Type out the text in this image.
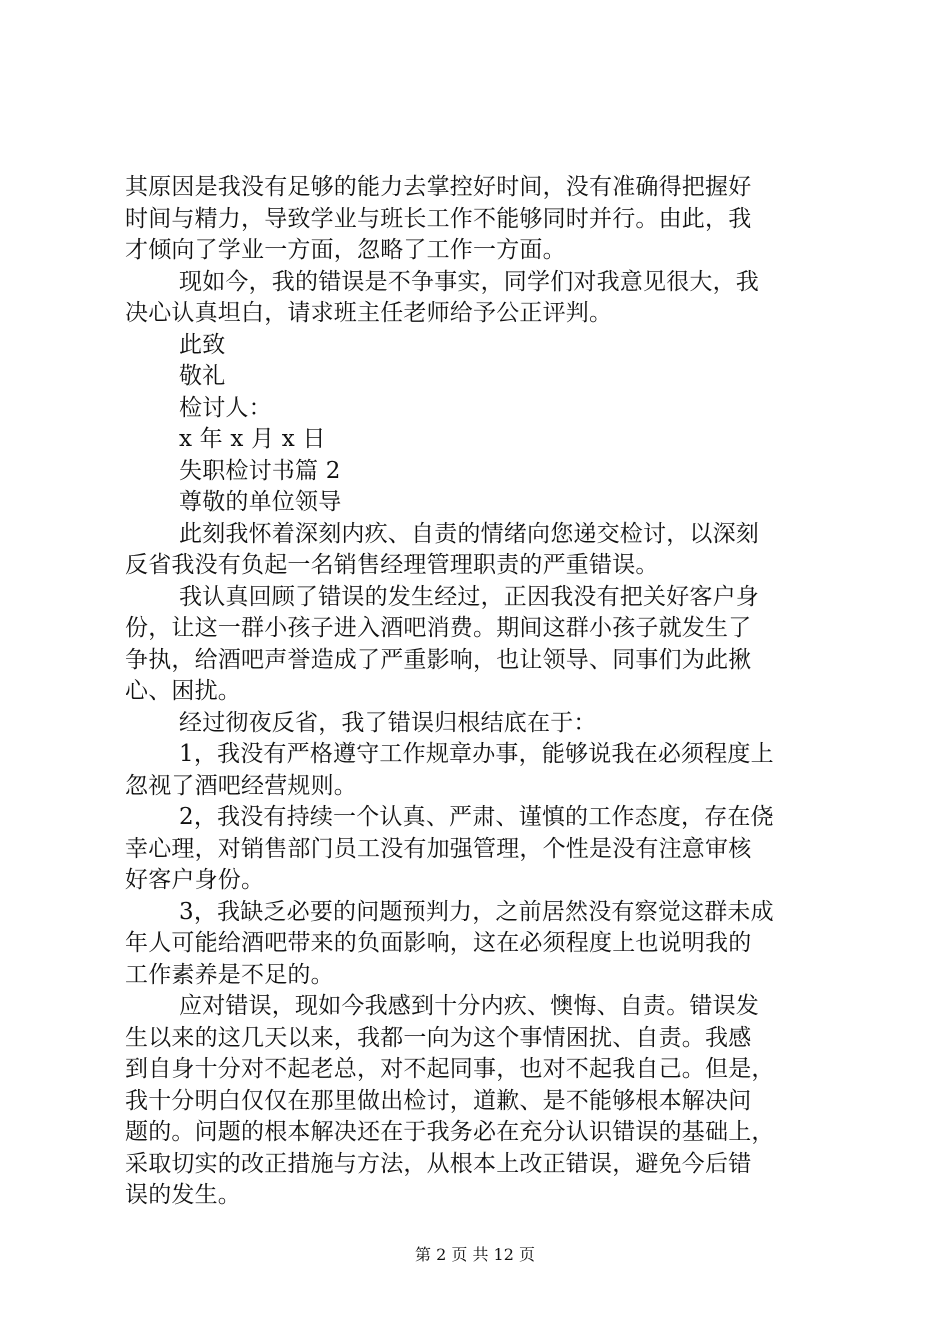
其原因是我没有足够的能力去掌控好时间，没有准确得把握好
时间与精力，导致学业与班长工作不能够同时并行。由此，我
才倾向了学业一方面，忽略了工作一方面。
现如今，我的错误是不争事实，同学们对我意见很大，我
决心认真坦白，请求班主任老师给予公正评判。
此致
敬礼
检讨人：
x 年 x 月 x 日
失职检讨书篇 2
尊敬的单位领导
此刻我怀着深刻内疚、自责的情绪向您递交检讨，以深刻
反省我没有负起一名销售经理管理职责的严重错误。
我认真回顾了错误的发生经过，正因我没有把关好客户身
份，让这一群小孩子进入酒吧消费。期间这群小孩子就发生了
争执，给酒吧声誉造成了严重影响，也让领导、同事们为此揪
心、困扰。
经过彻夜反省，我了错误归根结底在于：
1，我没有严格遵守工作规章办事，能够说我在必须程度上
忽视了酒吧经营规则。
2，我没有持续一个认真、严肃、谨慎的工作态度，存在侥
幸心理，对销售部门员工没有加强管理，个性是没有注意审核
好客户身份。
3，我缺乏必要的问题预判力，之前居然没有察觉这群未成
年人可能给酒吧带来的负面影响，这在必须程度上也说明我的
工作素养是不足的。
应对错误，现如今我感到十分内疚、懊悔、自责。错误发
生以来的这几天以来，我都一向为这个事情困扰、自责。我感
到自身十分对不起老总，对不起同事，也对不起我自己。但是，
我十分明白仅仅在那里做出检讨，道歉、是不能够根本解决问
题的。问题的根本解决还在于我务必在充分认识错误的基础上，
采取切实的改正措施与方法，从根本上改正错误，避免今后错
误的发生。
第 2 页 共 12 页
